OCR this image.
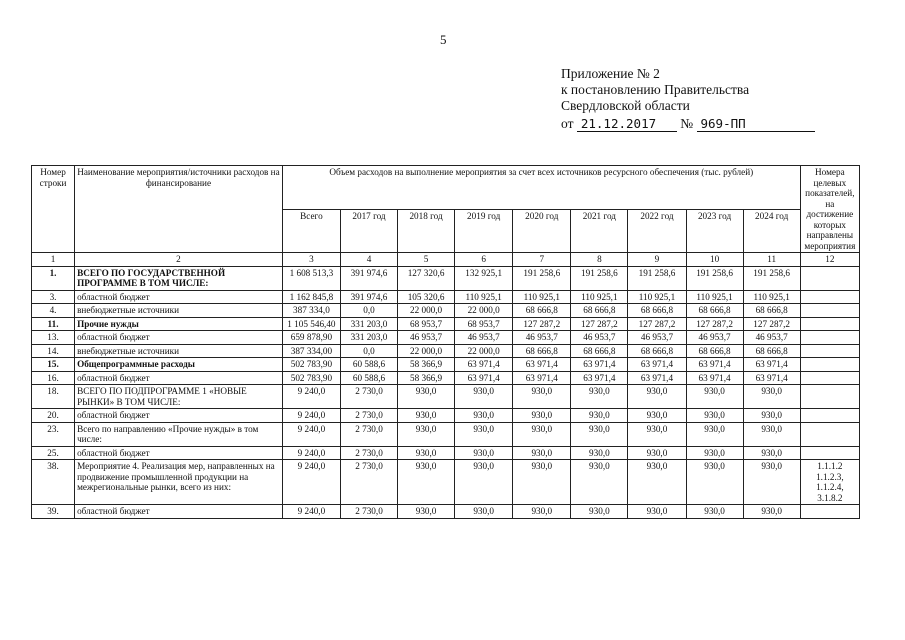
5
Приложение № 2
к постановлению Правительства
Свердловской области
от 21.12.2017 № 969-ПП
Номер строки	Наименование мероприятия/источники расходов на финансирование	Объем расходов на выполнение мероприятия за счет всех источников ресурсного обеспечения (тыс. рублей)									Номера целевых показателей, на достижение которых направлены мероприятия
		Всего	2017 год	2018 год	2019 год	2020 год	2021 год	2022 год	2023 год	2024 год	
1	2	3	4	5	6	7	8	9	10	11	12
1.	ВСЕГО ПО ГОСУДАРСТВЕННОЙ ПРОГРАММЕ В ТОМ ЧИСЛЕ:	1 608 513,3	391 974,6	127 320,6	132 925,1	191 258,6	191 258,6	191 258,6	191 258,6	191 258,6	
3.	областной бюджет	1 162 845,8	391 974,6	105 320,6	110 925,1	110 925,1	110 925,1	110 925,1	110 925,1	110 925,1	
4.	внебюджетные источники	387 334,0	0,0	22 000,0	22 000,0	68 666,8	68 666,8	68 666,8	68 666,8	68 666,8	
11.	Прочие нужды	1 105 546,40	331 203,0	68 953,7	68 953,7	127 287,2	127 287,2	127 287,2	127 287,2	127 287,2	
13.	областной бюджет	659 878,90	331 203,0	46 953,7	46 953,7	46 953,7	46 953,7	46 953,7	46 953,7	46 953,7	
14.	внебюджетные источники	387 334,00	0,0	22 000,0	22 000,0	68 666,8	68 666,8	68 666,8	68 666,8	68 666,8	
15.	Общепрограммные расходы	502 783,90	60 588,6	58 366,9	63 971,4	63 971,4	63 971,4	63 971,4	63 971,4	63 971,4	
16.	областной бюджет	502 783,90	60 588,6	58 366,9	63 971,4	63 971,4	63 971,4	63 971,4	63 971,4	63 971,4	
18.	ВСЕГО ПО ПОДПРОГРАММЕ 1 «НОВЫЕ РЫНКИ» В ТОМ ЧИСЛЕ:	9 240,0	2 730,0	930,0	930,0	930,0	930,0	930,0	930,0	930,0	
20.	областной бюджет	9 240,0	2 730,0	930,0	930,0	930,0	930,0	930,0	930,0	930,0	
23.	Всего по направлению «Прочие нужды» в том числе:	9 240,0	2 730,0	930,0	930,0	930,0	930,0	930,0	930,0	930,0	
25.	областной бюджет	9 240,0	2 730,0	930,0	930,0	930,0	930,0	930,0	930,0	930,0	
38.	Мероприятие 4. Реализация мер, направленных на продвижение промышленной продукции на межрегиональные рынки, всего из них:	9 240,0	2 730,0	930,0	930,0	930,0	930,0	930,0	930,0	930,0	1.1.1.2 1.1.2.3, 1.1.2.4, 3.1.8.2
39.	областной бюджет	9 240,0	2 730,0	930,0	930,0	930,0	930,0	930,0	930,0	930,0	
